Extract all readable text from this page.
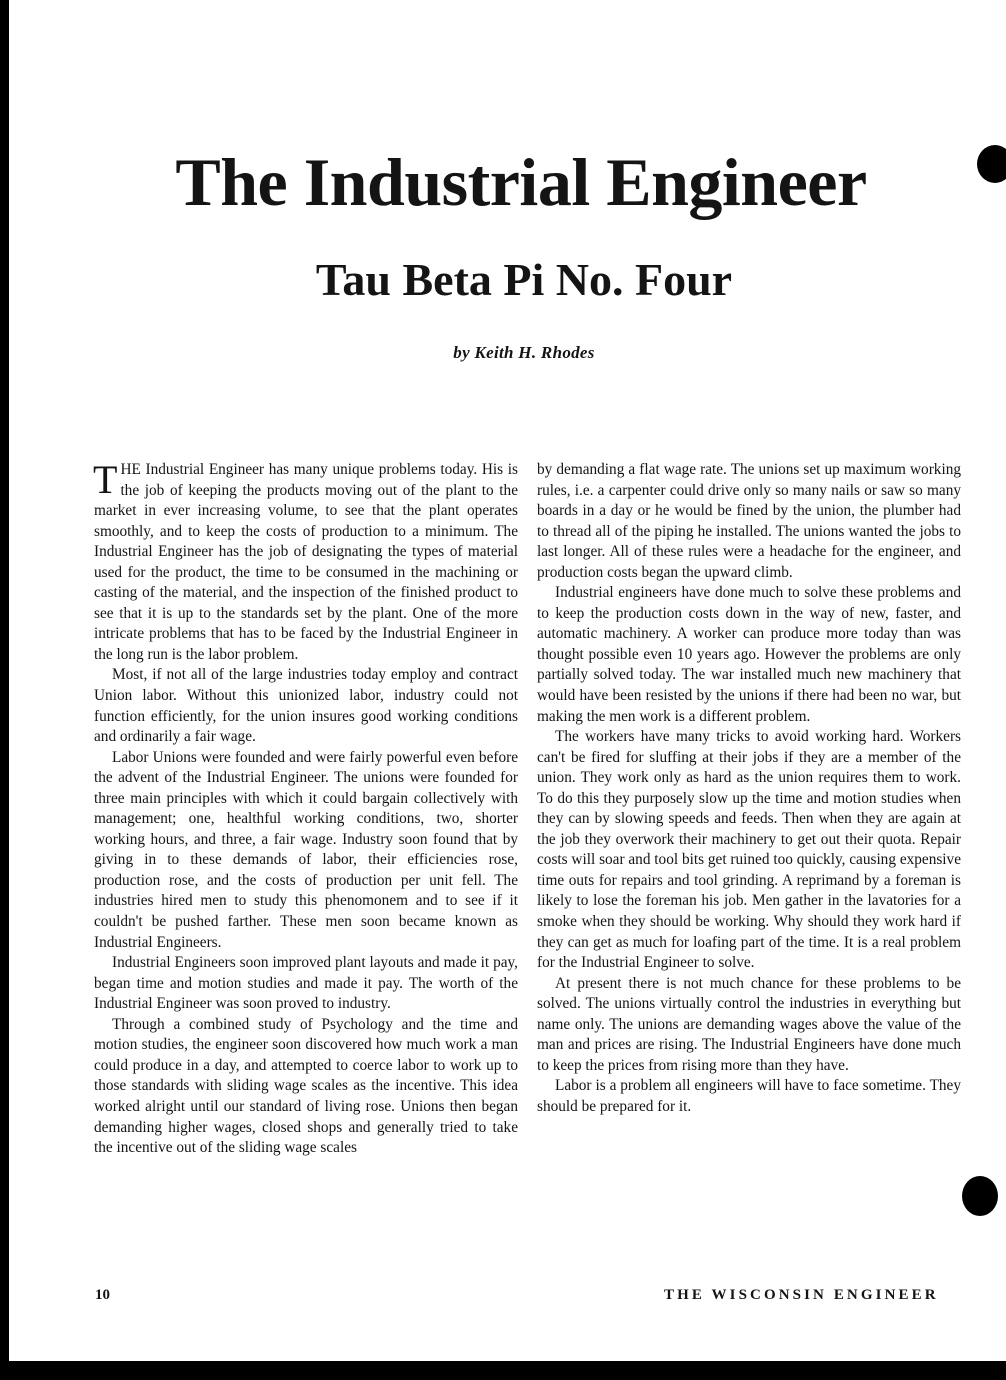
The Industrial Engineer
Tau Beta Pi No. Four
by Keith H. Rhodes

THE Industrial Engineer has many unique problems today. His is the job of keeping the products moving out of the plant to the market in ever increasing volume, to see that the plant operates smoothly, and to keep the costs of production to a minimum. The Industrial Engineer has the job of designating the types of material used for the product, the time to be consumed in the machining or casting of the material, and the inspection of the finished product to see that it is up to the standards set by the plant. One of the more intricate problems that has to be faced by the Industrial Engineer in the long run is the labor problem.

Most, if not all of the large industries today employ and contract Union labor. Without this unionized labor, industry could not function efficiently, for the union insures good working conditions and ordinarily a fair wage.

Labor Unions were founded and were fairly powerful even before the advent of the Industrial Engineer. The unions were founded for three main principles with which it could bargain collectively with management; one, healthful working conditions, two, shorter working hours, and three, a fair wage. Industry soon found that by giving in to these demands of labor, their efficiencies rose, production rose, and the costs of production per unit fell. The industries hired men to study this phenomonem and to see if it couldn't be pushed farther. These men soon became known as Industrial Engineers.

Industrial Engineers soon improved plant layouts and made it pay, began time and motion studies and made it pay. The worth of the Industrial Engineer was soon proved to industry.

Through a combined study of Psychology and the time and motion studies, the engineer soon discovered how much work a man could produce in a day, and attempted to coerce labor to work up to those standards with sliding wage scales as the incentive. This idea worked alright until our standard of living rose. Unions then began demanding higher wages, closed shops and generally tried to take the incentive out of the sliding wage scales

by demanding a flat wage rate. The unions set up maximum working rules, i.e. a carpenter could drive only so many nails or saw so many boards in a day or he would be fined by the union, the plumber had to thread all of the piping he installed. The unions wanted the jobs to last longer. All of these rules were a headache for the engineer, and production costs began the upward climb.

Industrial engineers have done much to solve these problems and to keep the production costs down in the way of new, faster, and automatic machinery. A worker can produce more today than was thought possible even 10 years ago. However the problems are only partially solved today. The war installed much new machinery that would have been resisted by the unions if there had been no war, but making the men work is a different problem.

The workers have many tricks to avoid working hard. Workers can't be fired for sluffing at their jobs if they are a member of the union. They work only as hard as the union requires them to work. To do this they purposely slow up the time and motion studies when they can by slowing speeds and feeds. Then when they are again at the job they overwork their machinery to get out their quota. Repair costs will soar and tool bits get ruined too quickly, causing expensive time outs for repairs and tool grinding. A reprimand by a foreman is likely to lose the foreman his job. Men gather in the lavatories for a smoke when they should be working. Why should they work hard if they can get as much for loafing part of the time. It is a real problem for the Industrial Engineer to solve.

At present there is not much chance for these problems to be solved. The unions virtually control the industries in everything but name only. The unions are demanding wages above the value of the man and prices are rising. The Industrial Engineers have done much to keep the prices from rising more than they have.

Labor is a problem all engineers will have to face sometime. They should be prepared for it.

10	THE WISCONSIN ENGINEER
